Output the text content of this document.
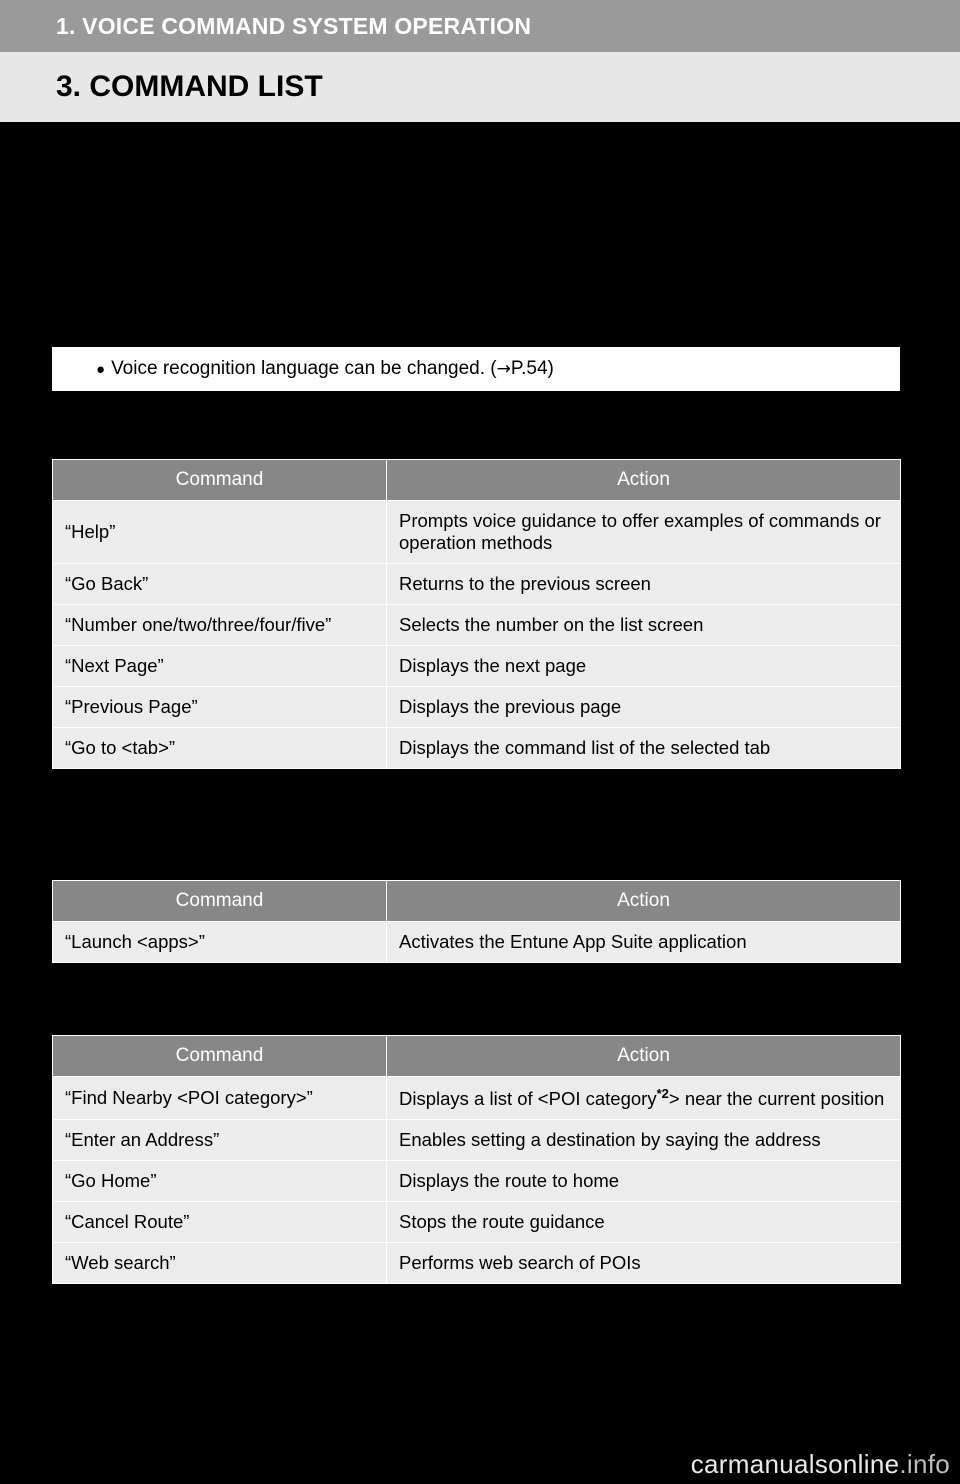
1. VOICE COMMAND SYSTEM OPERATION
3. COMMAND LIST
● Voice recognition language can be changed. (→P.54)
Command	Action
“Help”	Prompts voice guidance to offer examples of commands or operation methods
“Go Back”	Returns to the previous screen
“Number one/two/three/four/five”	Selects the number on the list screen
“Next Page”	Displays the next page
“Previous Page”	Displays the previous page
“Go to <tab>”	Displays the command list of the selected tab
Command	Action
“Launch <apps>”	Activates the Entune App Suite application
Command	Action
“Find Nearby <POI category>”	Displays a list of <POI category$^{*2}$> near the current position
“Enter an Address”	Enables setting a destination by saying the address
“Go Home”	Displays the route to home
“Cancel Route”	Stops the route guidance
“Web search”	Performs web search of POIs
carmanualsonline.info
